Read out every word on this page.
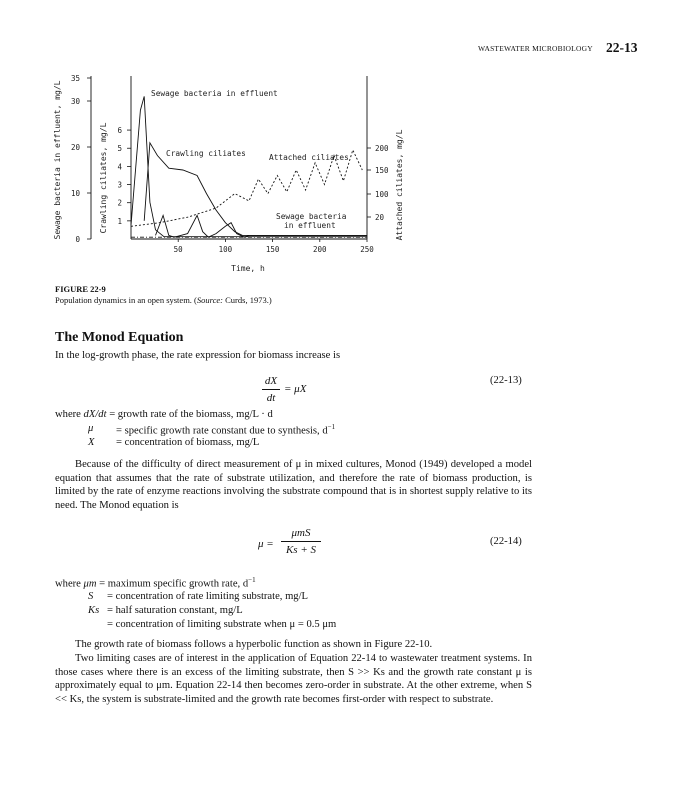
WASTEWATER MICROBIOLOGY 22-13
50	100	150	200	250
0
10
20
30
35
1
2
3
4
5
6
20
100
150
200
Sewage bacteria in effluent, mg/L	Crawling ciliates, mg/L	Attached ciliates, mg/L
Time, h
Sewage bacteria in effluent
Crawling ciliates	Attached ciliates
Sewage bacteria
in effluent
FIGURE 22-9
Population dynamics in an open system. (Source: Curds, 1973.)
The Monod Equation
In the log-growth phase, the rate expression for biomass increase is
dX
dt
= μX
(22-13)
where dX/dt = growth rate of the biomass, mg/L · d
μ = specific growth rate constant due to synthesis, $d^{-1}$
X = concentration of biomass, mg/L
Because of the difficulty of direct measurement of μ in mixed cultures, Monod (1949) developed a model equation that assumes that the rate of substrate utilization, and therefore the rate of biomass production, is limited by the rate of enzyme reactions involving the substrate compound that is in shortest supply relative to its need. The Monod equation is
μ =
μmS
Ks + S
(22-14)
where μm = maximum specific growth rate, $d^{-1}$
S = concentration of rate limiting substrate, mg/L
Ks = half saturation constant, mg/L
= concentration of limiting substrate when μ = 0.5 μm
The growth rate of biomass follows a hyperbolic function as shown in Figure 22-10.
Two limiting cases are of interest in the application of Equation 22-14 to wastewater treatment systems. In those cases where there is an excess of the limiting substrate, then S >> Ks and the growth rate constant μ is approximately equal to μm. Equation 22-14 then becomes zero-order in substrate. At the other extreme, when S << Ks, the system is substrate-limited and the growth rate becomes first-order with respect to substrate.
